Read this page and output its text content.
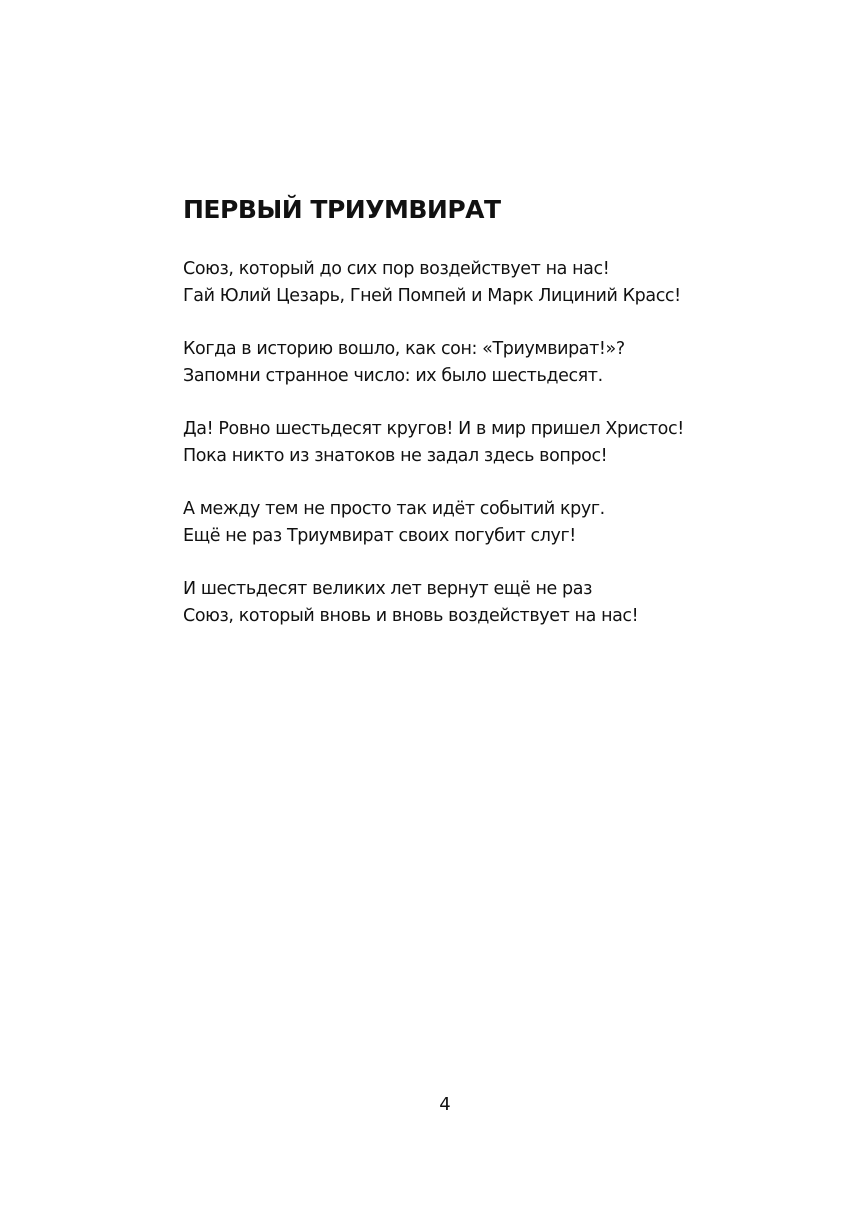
ПЕРВЫЙ ТРИУМВИРАТ
Союз, который до сих пор воздействует на нас!
Гай Юлий Цезарь, Гней Помпей и Марк Лициний Красс!
Когда в историю вошло, как сон: «Триумвират!»?
Запомни странное число: их было шестьдесят.
Да! Ровно шестьдесят кругов! И в мир пришел Христос!
Пока никто из знатоков не задал здесь вопрос!
А между тем не просто так идёт событий круг.
Ещё не раз Триумвират своих погубит слуг!
И шестьдесят великих лет вернут ещё не раз
Союз, который вновь и вновь воздействует на нас!
4
